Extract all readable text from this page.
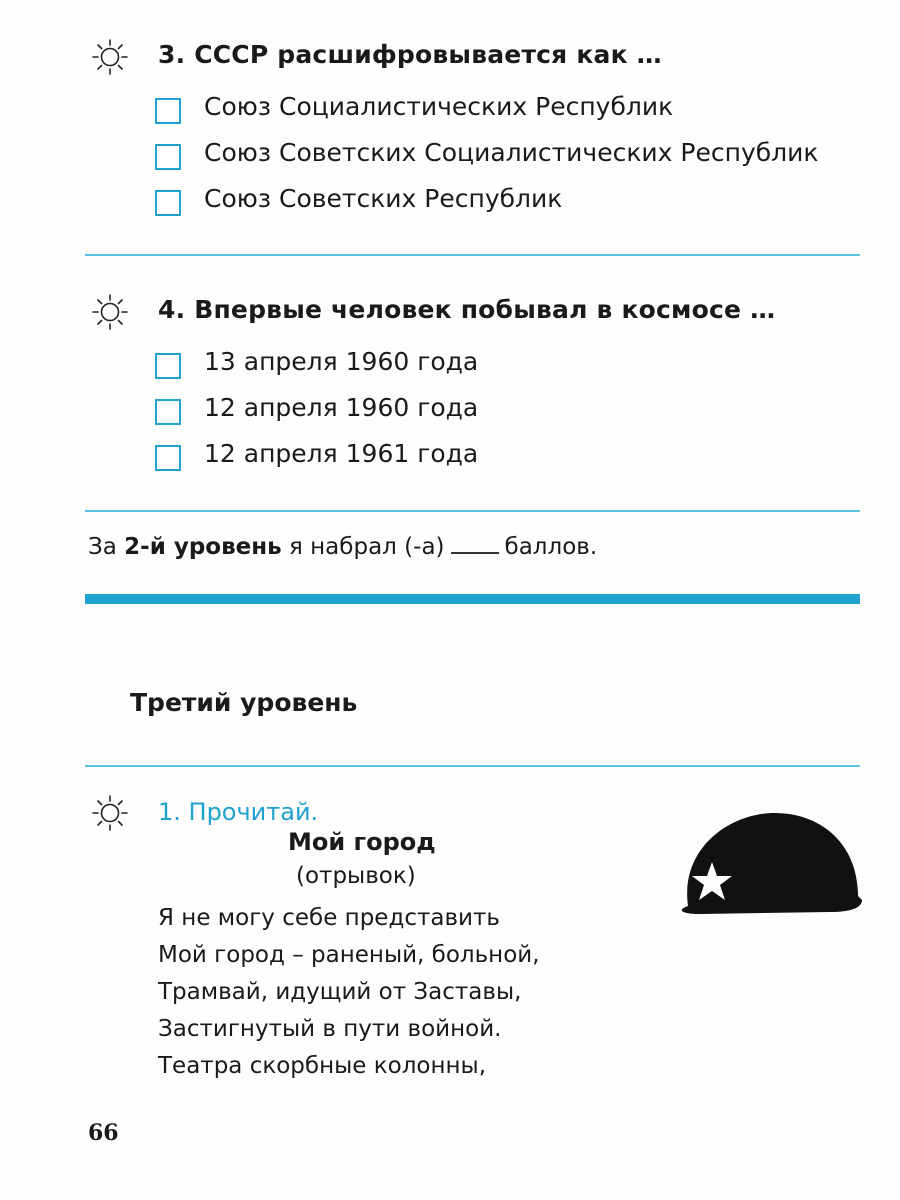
3. СССР расшифровывается как …
Союз Социалистических Республик
Союз Советских Социалистических Республик
Союз Советских Республик
4. Впервые человек побывал в космосе …
13 апреля 1960 года
12 апреля 1960 года
12 апреля 1961 года
За 2-й уровень я набрал (-а)	баллов.
Третий уровень
1. Прочитай.
Мой город
(отрывок)
Я не могу себе представить
Мой город – раненый, больной,
Трамвай, идущий от Заставы,
Застигнутый в пути войной.
Театра скорбные колонны,
66
